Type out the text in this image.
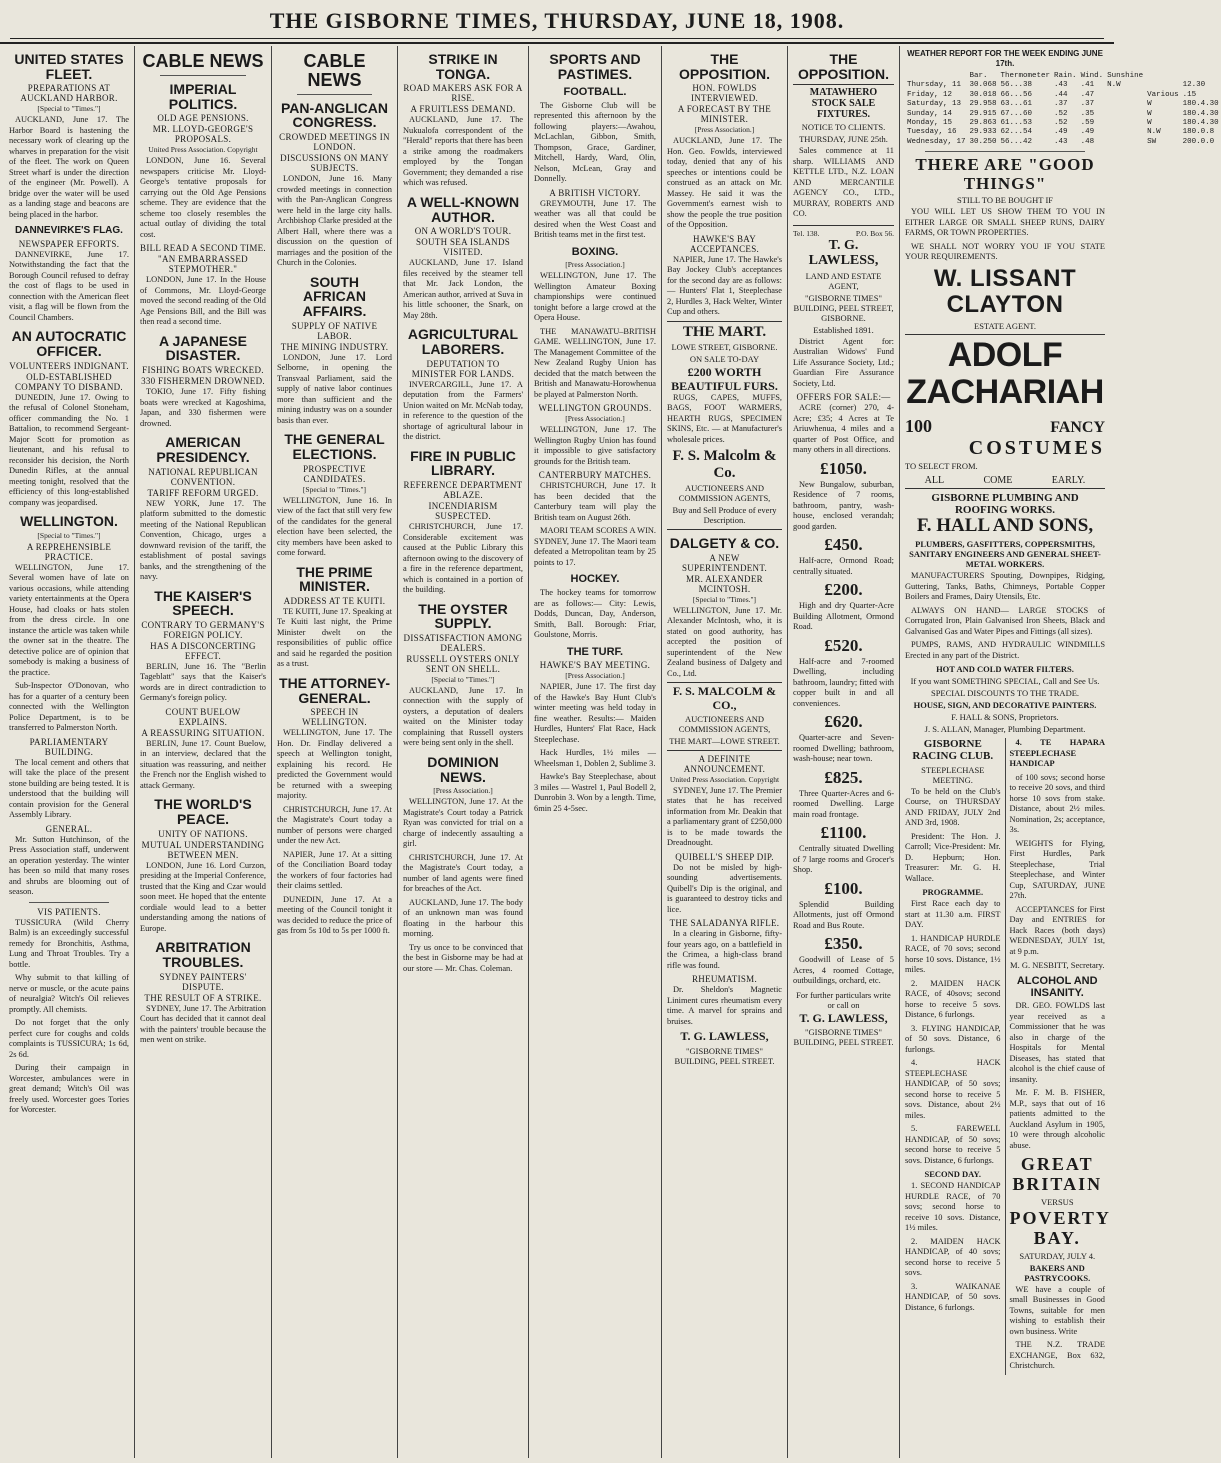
THE GISBORNE TIMES, THURSDAY, JUNE 18, 1908.
UNITED STATES FLEET.
PREPARATIONS AT AUCKLAND HARBOR.
[Special to "Times."]

AUCKLAND, June 17. The Harbor Board is hastening the necessary work of clearing up the wharves in preparation for the visit of the fleet. The work on Queen Street wharf is under the direction of the engineer (Mr. Powell). A bridge over the water will be used as a landing stage and beacons are being placed in the harbor.

DANNEVIRKE'S FLAG.
NEWSPAPER EFFORTS.

DANNEVIRKE, June 17. Notwithstanding the fact that the Borough Council refused to defray the cost of flags to be used in connection with the American fleet visit, a flag will be flown from the Council Chambers.

AN AUTOCRATIC OFFICER.
VOLUNTEERS INDIGNANT.
OLD-ESTABLISHED COMPANY TO DISBAND.

DUNEDIN, June 17. Owing to the refusal of Colonel Stoneham, officer commanding the No. 1 Battalion, to recommend Sergeant-Major Scott for promotion as lieutenant, and his refusal to reconsider his decision, the North Dunedin Rifles, at the annual meeting tonight, resolved that the efficiency of this long-established company was jeopardised.

WELLINGTON.
[Special to "Times."]
A REPREHENSIBLE PRACTICE.

WELLINGTON, June 17. Several women have of late on various occasions, while attending variety entertainments at the Opera House, had cloaks or hats stolen from the dress circle. In one instance the article was taken while the owner sat in the theatre. The detective police are of opinion that somebody is making a business of the practice.

Sub-Inspector O'Donovan, who has for a quarter of a century been connected with the Wellington Police Department, is to be transferred to Palmerston North.

PARLIAMENTARY BUILDING.

The local cement and others that will take the place of the present stone building are being tested. It is understood that the building will contain provision for the General Assembly Library.

GENERAL.

Mr. Sutton Hutchinson, of the Press Association staff, underwent an operation yesterday. The winter has been so mild that many roses and shrubs are blooming out of season.

VIS PATIENTS.

TUSSICURA (Wild Cherry Balm) is an exceedingly successful remedy for Bronchitis, Asthma, Lung and Throat Troubles. Try a bottle.

Why submit to that killing of nerve or muscle, or the acute pains of neuralgia? Witch's Oil relieves promptly. All chemists.

Do not forget that the only perfect cure for coughs and colds complaints is TUSSICURA; 1s 6d, 2s 6d.

During their campaign in Worcester, ambulances were in great demand; Witch's Oil was freely used. Worcester goes Tories for Worcester.

CABLE NEWS
IMPERIAL POLITICS.
OLD AGE PENSIONS.
MR. LLOYD-GEORGE'S PROPOSALS.
United Press Association. Copyright

LONDON, June 16. Several newspapers criticise Mr. Lloyd-George's tentative proposals for carrying out the Old Age Pensions scheme. They are evidence that the scheme too closely resembles the actual outlay of dividing the total cost.

BILL READ A SECOND TIME.
"AN EMBARRASSED STEPMOTHER."

LONDON, June 17. In the House of Commons, Mr. Lloyd-George moved the second reading of the Old Age Pensions Bill, and the Bill was then read a second time.

A JAPANESE DISASTER.
FISHING BOATS WRECKED.
330 FISHERMEN DROWNED.

TOKIO, June 17. Fifty fishing boats were wrecked at Kagoshima, Japan, and 330 fishermen were drowned.

AMERICAN PRESIDENCY.
NATIONAL REPUBLICAN CONVENTION.
TARIFF REFORM URGED.

NEW YORK, June 17. The platform submitted to the domestic meeting of the National Republican Convention, Chicago, urges a downward revision of the tariff, the establishment of postal savings banks, and the strengthening of the navy.

THE KAISER'S SPEECH.
CONTRARY TO GERMANY'S FOREIGN POLICY.
HAS A DISCONCERTING EFFECT.

BERLIN, June 16. The "Berlin Tageblatt" says that the Kaiser's words are in direct contradiction to Germany's foreign policy.

COUNT BUELOW EXPLAINS.
A REASSURING SITUATION.

BERLIN, June 17. Count Buelow, in an interview, declared that the situation was reassuring, and neither the French nor the English wished to attack Germany.

THE WORLD'S PEACE.
UNITY OF NATIONS.
MUTUAL UNDERSTANDING BETWEEN MEN.

LONDON, June 16. Lord Curzon, presiding at the Imperial Conference, trusted that the King and Czar would soon meet. He hoped that the entente cordiale would lead to a better understanding among the nations of Europe.

ARBITRATION TROUBLES.
SYDNEY PAINTERS' DISPUTE.
THE RESULT OF A STRIKE.

SYDNEY, June 17. The Arbitration Court has decided that it cannot deal with the painters' trouble because the men went on strike.

CABLE NEWS
PAN-ANGLICAN CONGRESS.
CROWDED MEETINGS IN LONDON.
DISCUSSIONS ON MANY SUBJECTS.

LONDON, June 16. Many crowded meetings in connection with the Pan-Anglican Congress were held in the large city halls. Archbishop Clarke presided at the Albert Hall, where there was a discussion on the question of marriages and the position of the Church in the Colonies.

SOUTH AFRICAN AFFAIRS.
SUPPLY OF NATIVE LABOR.
THE MINING INDUSTRY.

LONDON, June 17. Lord Selborne, in opening the Transvaal Parliament, said the supply of native labor continues more than sufficient and the mining industry was on a sounder basis than ever.

THE GENERAL ELECTIONS.
PROSPECTIVE CANDIDATES.
[Special to "Times."]

WELLINGTON, June 16. In view of the fact that still very few of the candidates for the general election have been selected, the city members have been asked to come forward.

THE PRIME MINISTER.
ADDRESS AT TE KUITI.

TE KUITI, June 17. Speaking at Te Kuiti last night, the Prime Minister dwelt on the responsibilities of public office and said he regarded the position as a trust.

THE ATTORNEY-GENERAL.
SPEECH IN WELLINGTON.

WELLINGTON, June 17. The Hon. Dr. Findlay delivered a speech at Wellington tonight, explaining his record. He predicted the Government would be returned with a sweeping majority.

CHRISTCHURCH, June 17. At the Magistrate's Court today a number of persons were charged under the new Act.

NAPIER, June 17. At a sitting of the Conciliation Board today the workers of four factories had their claims settled.

DUNEDIN, June 17. At a meeting of the Council tonight it was decided to reduce the price of gas from 5s 10d to 5s per 1000 ft.

STRIKE IN TONGA.
ROAD MAKERS ASK FOR A RISE.
A FRUITLESS DEMAND.

AUCKLAND, June 17. The Nukualofa correspondent of the "Herald" reports that there has been a strike among the roadmakers employed by the Tongan Government; they demanded a rise which was refused.

A WELL-KNOWN AUTHOR.
ON A WORLD'S TOUR.
SOUTH SEA ISLANDS VISITED.

AUCKLAND, June 17. Island files received by the steamer tell that Mr. Jack London, the American author, arrived at Suva in his little schooner, the Snark, on May 28th.

AGRICULTURAL LABORERS.
DEPUTATION TO MINISTER FOR LANDS.

INVERCARGILL, June 17. A deputation from the Farmers' Union waited on Mr. McNab today, in reference to the question of the shortage of agricultural labour in the district.

FIRE IN PUBLIC LIBRARY.
REFERENCE DEPARTMENT ABLAZE.
INCENDIARISM SUSPECTED.

CHRISTCHURCH, June 17. Considerable excitement was caused at the Public Library this afternoon owing to the discovery of a fire in the reference department, which is contained in a portion of the building.

THE OYSTER SUPPLY.
DISSATISFACTION AMONG DEALERS.
RUSSELL OYSTERS ONLY SENT ON SHELL.
[Special to "Times."]

AUCKLAND, June 17. In connection with the supply of oysters, a deputation of dealers waited on the Minister today complaining that Russell oysters were being sent only in the shell.

DOMINION NEWS.
[Press Association.]

WELLINGTON, June 17. At the Magistrate's Court today a Patrick Ryan was convicted for trial on a charge of indecently assaulting a girl.

CHRISTCHURCH, June 17. At the Magistrate's Court today, a number of land agents were fined for breaches of the Act.

AUCKLAND, June 17. The body of an unknown man was found floating in the harbour this morning.

Try us once to be convinced that the best in Gisborne may be had at our store — Mr. Chas. Coleman.

SPORTS AND PASTIMES.
FOOTBALL.

The Gisborne Club will be represented this afternoon by the following players:—Awahou, McLachlan, Gibbon, Smith, Thompson, Grace, Gardiner, Mitchell, Hardy, Ward, Olin, Nelson, McLean, Gray and Donnelly.

A BRITISH VICTORY.

GREYMOUTH, June 17. The weather was all that could be desired when the West Coast and British teams met in the first test.

BOXING.
[Press Association.]

WELLINGTON, June 17. The Wellington Amateur Boxing championships were continued tonight before a large crowd at the Opera House.

THE MANAWATU–BRITISH GAME. WELLINGTON, June 17. The Management Committee of the New Zealand Rugby Union has decided that the match between the British and Manawatu-Horowhenua be played at Palmerston North.

WELLINGTON GROUNDS.
[Press Association.]

WELLINGTON, June 17. The Wellington Rugby Union has found it impossible to give satisfactory grounds for the British team.

CANTERBURY MATCHES.

CHRISTCHURCH, June 17. It has been decided that the Canterbury team will play the British team on August 26th.

MAORI TEAM SCORES A WIN. SYDNEY, June 17. The Maori team defeated a Metropolitan team by 25 points to 17.

HOCKEY.

The hockey teams for tomorrow are as follows:— City: Lewis, Dodds, Duncan, Day, Anderson, Smith, Ball. Borough: Friar, Goulstone, Morris.

THE TURF.
HAWKE'S BAY MEETING.
[Press Association.]

NAPIER, June 17. The first day of the Hawke's Bay Hunt Club's winter meeting was held today in fine weather. Results:— Maiden Hurdles, Hunters' Flat Race, Hack Steeplechase.

Hack Hurdles, 1½ miles — Wheelsman 1, Doblen 2, Sublime 3.

Hawke's Bay Steeplechase, about 3 miles — Wastrel 1, Paul Bodell 2, Dunrobin 3. Won by a length. Time, 6min 25 4-5sec.

THE OPPOSITION.
HON. FOWLDS INTERVIEWED.
A FORECAST BY THE MINISTER.
[Press Association.]

AUCKLAND, June 17. The Hon. Geo. Fowlds, interviewed today, denied that any of his speeches or intentions could be construed as an attack on Mr. Massey. He said it was the Government's earnest wish to show the people the true position of the Opposition.

HAWKE'S BAY ACCEPTANCES.

NAPIER, June 17. The Hawke's Bay Jockey Club's acceptances for the second day are as follows:— Hunters' Flat 1, Steeplechase 2, Hurdles 3, Hack Welter, Winter Cup and others.

THE MART.
LOWE STREET, GISBORNE.
ON SALE TO-DAY
£200 WORTH BEAUTIFUL FURS.

RUGS, CAPES, MUFFS, BAGS, FOOT WARMERS, HEARTH RUGS, SPECIMEN SKINS, Etc. — at Manufacturer's wholesale prices.

F. S. Malcolm & Co.
AUCTIONEERS AND COMMISSION AGENTS,
Buy and Sell Produce of every Description.
DALGETY & CO.
A NEW SUPERINTENDENT.
MR. ALEXANDER MCINTOSH.
[Special to "Times."]

WELLINGTON, June 17. Mr. Alexander McIntosh, who, it is stated on good authority, has accepted the position of superintendent of the New Zealand business of Dalgety and Co., Ltd.

F. S. MALCOLM & CO.,
AUCTIONEERS AND COMMISSION AGENTS,
THE MART—LOWE STREET.
A DEFINITE ANNOUNCEMENT.
United Press Association. Copyright

SYDNEY, June 17. The Premier states that he has received information from Mr. Deakin that a parliamentary grant of £250,000 is to be made towards the Dreadnought.

QUIBELL'S SHEEP DIP.

Do not be misled by high-sounding advertisements. Quibell's Dip is the original, and is guaranteed to destroy ticks and lice.

THE SALADANYA RIFLE.

In a clearing in Gisborne, fifty-four years ago, on a battlefield in the Crimea, a high-class brand rifle was found.

RHEUMATISM.

Dr. Sheldon's Magnetic Liniment cures rheumatism every time. A marvel for sprains and bruises.

T. G. LAWLESS,
"GISBORNE TIMES" BUILDING, PEEL STREET.
THE OPPOSITION.
MATAWHERO STOCK SALE FIXTURES.
NOTICE TO CLIENTS.
THURSDAY, JUNE 25th.

Sales commence at 11 sharp. WILLIAMS AND KETTLE LTD., N.Z. LOAN AND MERCANTILE AGENCY CO., LTD., MURRAY, ROBERTS AND CO.

Tel. 138.	P.O. Box 56.
T. G. LAWLESS,
LAND AND ESTATE AGENT,
"GISBORNE TIMES" BUILDING, PEEL STREET, GISBORNE.
Established 1891.

District Agent for: Australian Widows' Fund Life Assurance Society, Ltd.; Guardian Fire Assurance Society, Ltd.

OFFERS FOR SALE:—

ACRE (corner) 270, 4-Acre; £35; 4 Acres at Te Ariuwhenua, 4 miles and a quarter of Post Office, and many others in all directions.

£1050.

New Bungalow, suburban, Residence of 7 rooms, bathroom, pantry, wash-house, enclosed verandah; good garden.

£450.

Half-acre, Ormond Road; centrally situated.

£200.

High and dry Quarter-Acre Building Allotment, Ormond Road.

£520.

Half-acre and 7-roomed Dwelling, including bathroom, laundry; fitted with copper built in and all conveniences.

£620.

Quarter-acre and Seven-roomed Dwelling; bathroom, wash-house; near town.

£825.

Three Quarter-Acres and 6-roomed Dwelling. Large main road frontage.

£1100.

Centrally situated Dwelling of 7 large rooms and Grocer's Shop.

£100.

Splendid Building Allotments, just off Ormond Road and Bus Route.

£350.

Goodwill of Lease of 5 Acres, 4 roomed Cottage, outbuildings, orchard, etc.

For further particulars write or call on
T. G. LAWLESS,
"GISBORNE TIMES" BUILDING, PEEL STREET.
WEATHER REPORT FOR THE WEEK ENDING JUNE 17th.
	Bar.	Thermometer	Rain.	Wind.	Sunshine		
Thursday, 11	30.068	56...38	.43	.41	N.W		12.30
Friday, 12	30.018	66...56	.44	.47		Various	.15
Saturday, 13	29.958	63...61	.37	.37		W	180.4.30
Sunday, 14	29.915	67...60	.52	.35		W	180.4.30
Monday, 15	29.863	61...53	.52	.59		W	180.4.30
Tuesday, 16	29.933	62...54	.49	.49		N.W	180.0.8
Wednesday, 17	30.250	56...42	.43	.48		SW	200.0.0
THERE ARE "GOOD THINGS"
STILL TO BE BOUGHT IF

YOU WILL LET US SHOW THEM TO YOU IN EITHER LARGE OR SMALL SHEEP RUNS, DAIRY FARMS, OR TOWN PROPERTIES.

WE SHALL NOT WORRY YOU IF YOU STATE YOUR REQUIREMENTS.

W. LISSANT CLAYTON
ESTATE AGENT.
ADOLF ZACHARIAH
100	FANCY
COSTUMES
TO SELECT FROM.
ALL	COME	EARLY.
GISBORNE PLUMBING AND ROOFING WORKS.
F. HALL AND SONS,
PLUMBERS, GASFITTERS, COPPERSMITHS, SANITARY ENGINEERS AND GENERAL SHEET-METAL WORKERS.

MANUFACTURERS Spouting, Downpipes, Ridging, Guttering, Tanks, Baths, Chimneys, Portable Copper Boilers and Frames, Dairy Utensils, Etc.

ALWAYS ON HAND— LARGE STOCKS of Corrugated Iron, Plain Galvanised Iron Sheets, Black and Galvanised Gas and Water Pipes and Fittings (all sizes).

PUMPS, RAMS, AND HYDRAULIC WINDMILLS Erected in any part of the District.

HOT AND COLD WATER FILTERS.
If you want SOMETHING SPECIAL, Call and See Us.
SPECIAL DISCOUNTS TO THE TRADE.
HOUSE, SIGN, AND DECORATIVE PAINTERS.
F. HALL & SONS, Proprietors.
J. S. ALLAN, Manager, Plumbing Department.
GISBORNE RACING CLUB.
STEEPLECHASE MEETING.

To be held on the Club's Course, on THURSDAY AND FRIDAY, JULY 2nd AND 3rd, 1908.

President: The Hon. J. Carroll; Vice-President: Mr. D. Hepburn; Hon. Treasurer: Mr. G. H. Wallace.

PROGRAMME.

First Race each day to start at 11.30 a.m. FIRST DAY.

1. HANDICAP HURDLE RACE, of 70 sovs; second horse 10 sovs. Distance, 1½ miles.

2. MAIDEN HACK RACE, of 40sovs; second horse to receive 5 sovs. Distance, 6 furlongs.

3. FLYING HANDICAP, of 50 sovs. Distance, 6 furlongs.

4. HACK STEEPLECHASE HANDICAP, of 50 sovs; second horse to receive 5 sovs. Distance, about 2½ miles.

5. FAREWELL HANDICAP, of 50 sovs; second horse to receive 5 sovs. Distance, 6 furlongs.

SECOND DAY.

1. SECOND HANDICAP HURDLE RACE, of 70 sovs; second horse to receive 10 sovs. Distance, 1½ miles.

2. MAIDEN HACK HANDICAP, of 40 sovs; second horse to receive 5 sovs.

3. WAIKANAE HANDICAP, of 50 sovs. Distance, 6 furlongs.

4. TE HAPARA STEEPLECHASE HANDICAP

of 100 sovs; second horse to receive 20 sovs, and third horse 10 sovs from stake. Distance, about 2½ miles. Nomination, 2s; acceptance, 3s.

WEIGHTS for Flying, First Hurdles, Park Steeplechase, Trial Steeplechase, and Winter Cup, SATURDAY, JUNE 27th.

ACCEPTANCES for First Day and ENTRIES for Hack Races (both days) WEDNESDAY, JULY 1st, at 9 p.m.

M. G. NESBITT, Secretary.
ALCOHOL AND INSANITY.

DR. GEO. FOWLDS last year received as a Commissioner that he was also in charge of the Hospitals for Mental Diseases, has stated that alcohol is the chief cause of insanity.

Mr. F. M. B. FISHER, M.P., says that out of 16 patients admitted to the Auckland Asylum in 1905, 10 were through alcoholic abuse.

GREAT
BRITAIN
VERSUS
POVERTY
BAY.
SATURDAY, JULY 4.
BAKERS AND PASTRYCOOKS.

WE have a couple of small Businesses in Good Towns, suitable for men wishing to establish their own business. Write

THE N.Z. TRADE EXCHANGE, Box 632, Christchurch.
